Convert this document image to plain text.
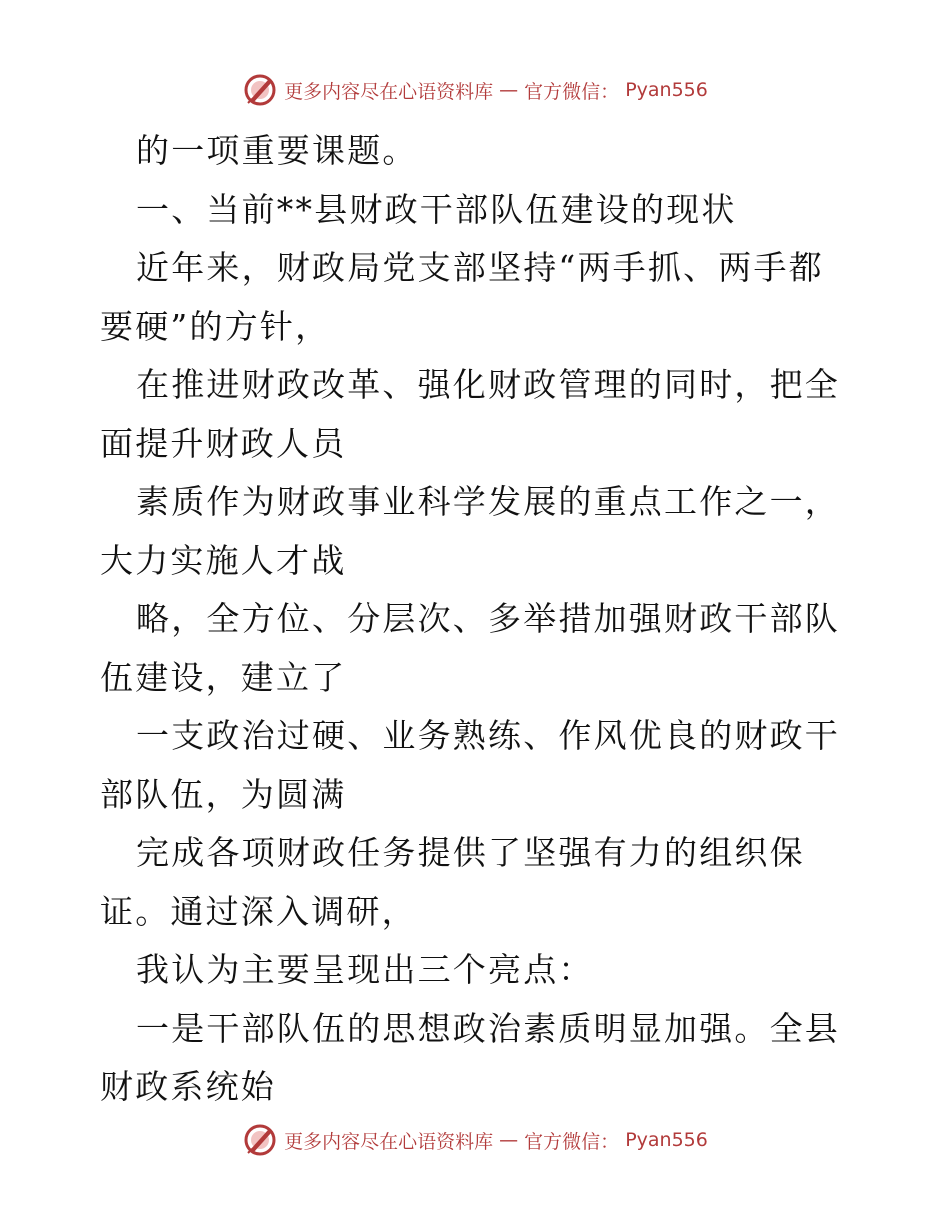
更多内容尽在心语资料库 — 官方微信： Pyan556

的一项重要课题。

一、当前**县财政干部队伍建设的现状

近年来，财政局党支部坚持“两手抓、两手都要硬”的方针，

在推进财政改革、强化财政管理的同时，把全面提升财政人员

素质作为财政事业科学发展的重点工作之一，大力实施人才战

略，全方位、分层次、多举措加强财政干部队伍建设，建立了

一支政治过硬、业务熟练、作风优良的财政干部队伍，为圆满

完成各项财政任务提供了坚强有力的组织保证。通过深入调研，

我认为主要呈现出三个亮点：

一是干部队伍的思想政治素质明显加强。全县财政系统始

更多内容尽在心语资料库 — 官方微信： Pyan556
